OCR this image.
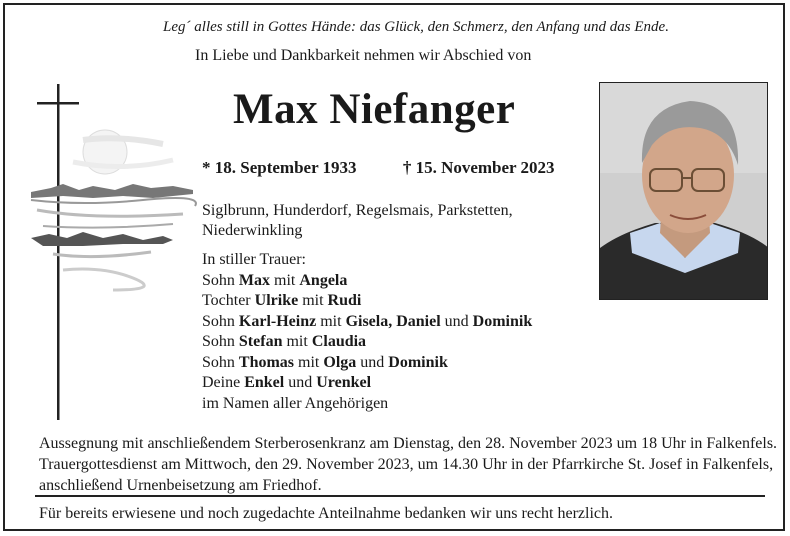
Leg´ alles still in Gottes Hände: das Glück, den Schmerz, den Anfang und das Ende.
In Liebe und Dankbarkeit nehmen wir Abschied von
Max Niefanger
* 18. September 1933	† 15. November 2023
Siglbrunn, Hunderdorf, Regelsmais, Parkstetten, Niederwinkling
In stiller Trauer:
Sohn Max mit Angela
Tochter Ulrike mit Rudi
Sohn Karl-Heinz mit Gisela, Daniel und Dominik
Sohn Stefan mit Claudia
Sohn Thomas mit Olga und Dominik
Deine Enkel und Urenkel
im Namen aller Angehörigen
Aussegnung mit anschließendem Sterberosenkranz am Dienstag, den 28. November 2023 um 18 Uhr in Falkenfels. Trauergottesdienst am Mittwoch, den 29. November 2023, um 14.30 Uhr in der Pfarrkirche St. Josef in Falkenfels, anschließend Urnenbeisetzung am Friedhof.
Für bereits erwiesene und noch zugedachte Anteilnahme bedanken wir uns recht herzlich.
